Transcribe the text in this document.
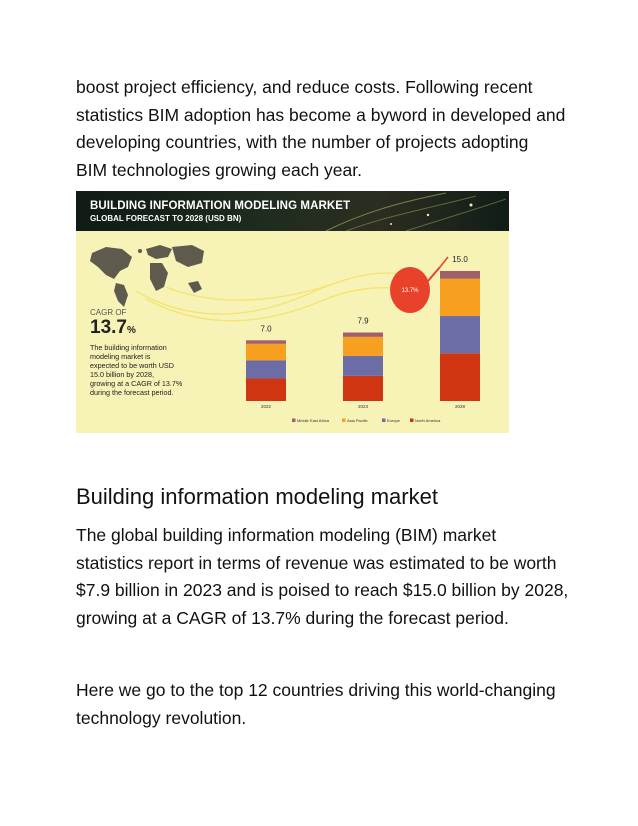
boost project efficiency, and reduce costs. Following recent
statistics BIM adoption has become a byword in developed and
developing countries, with the number of projects adopting
BIM technologies growing each year.
13.7%
7.0
2022
7.9
2023
15.0
2028
Middle East Africa	Asia Pacific	Europe	North America
BUILDING INFORMATION MODELING MARKET
GLOBAL FORECAST TO 2028 (USD BN)
CAGR OF
13.7%
The building information
modeling market is
expected to be worth USD
15.0 billion by 2028,
growing at a CAGR of 13.7%
during the forecast period.
Building information modeling market
The global building information modeling (BIM) market
statistics report in terms of revenue was estimated to be worth
$7.9 billion in 2023 and is poised to reach $15.0 billion by 2028,
growing at a CAGR of 13.7% during the forecast period.
Here we go to the top 12 countries driving this world-changing
technology revolution.
